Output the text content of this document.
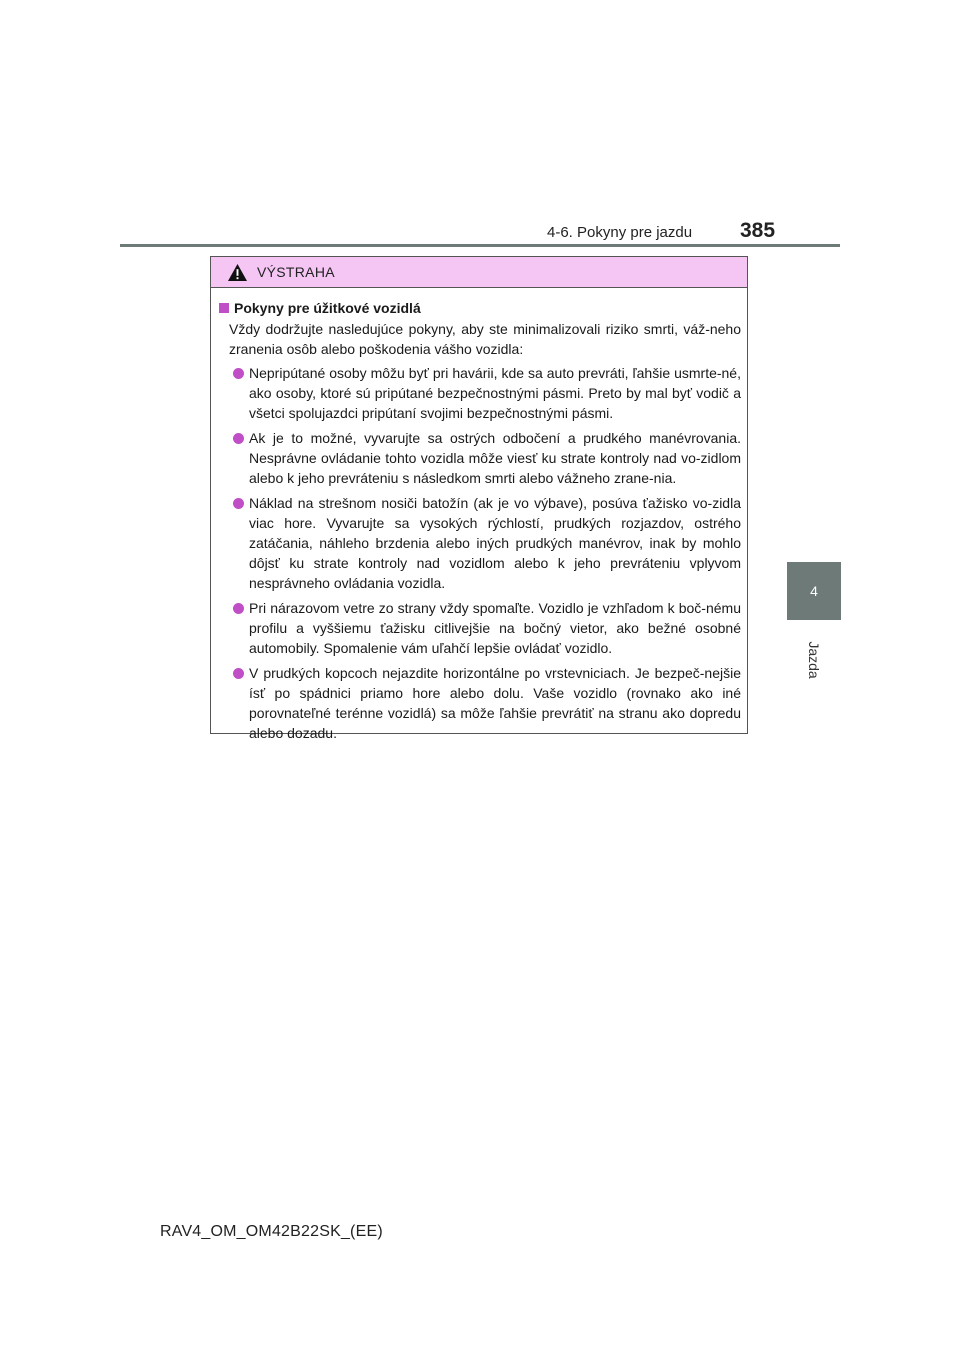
4-6. Pokyny pre jazdu 385
4
Jazda
VÝSTRAHA
Pokyny pre úžitkové vozidlá
Vždy dodržujte nasledujúce pokyny, aby ste minimalizovali riziko smrti, váž-neho zranenia osôb alebo poškodenia vášho vozidla:
Nepripútané osoby môžu byť pri havárii, kde sa auto prevráti, ľahšie usmrte-né, ako osoby, ktoré sú pripútané bezpečnostnými pásmi. Preto by mal byť vodič a všetci spolujazdci pripútaní svojimi bezpečnostnými pásmi.
Ak je to možné, vyvarujte sa ostrých odbočení a prudkého manévrovania. Nesprávne ovládanie tohto vozidla môže viesť ku strate kontroly nad vo-zidlom alebo k jeho prevráteniu s následkom smrti alebo vážneho zrane-nia.
Náklad na strešnom nosiči batožín (ak je vo výbave), posúva ťažisko vo-zidla viac hore. Vyvarujte sa vysokých rýchlostí, prudkých rozjazdov, ostrého zatáčania, náhleho brzdenia alebo iných prudkých manévrov, inak by mohlo dôjsť ku strate kontroly nad vozidlom alebo k jeho prevráteniu vplyvom nesprávneho ovládania vozidla.
Pri nárazovom vetre zo strany vždy spomaľte. Vozidlo je vzhľadom k boč-nému profilu a vyššiemu ťažisku citlivejšie na bočný vietor, ako bežné osobné automobily. Spomalenie vám uľahčí lepšie ovládať vozidlo.
V prudkých kopcoch nejazdite horizontálne po vrstevniciach. Je bezpeč-nejšie ísť po spádnici priamo hore alebo dolu. Vaše vozidlo (rovnako ako iné porovnateľné terénne vozidlá) sa môže ľahšie prevrátiť na stranu ako dopredu alebo dozadu.
RAV4_OM_OM42B22SK_(EE)
